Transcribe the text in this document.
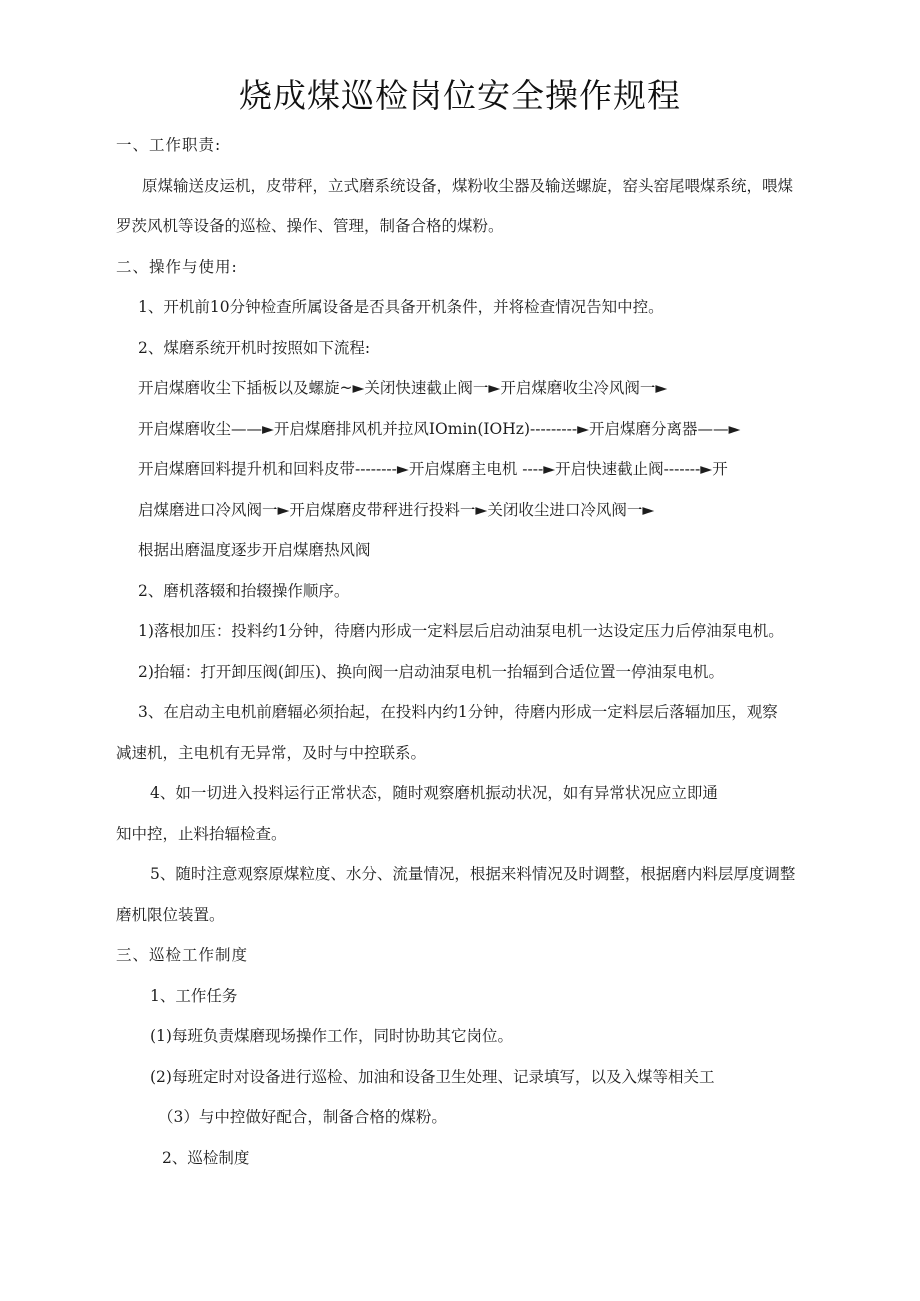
烧成煤巡检岗位安全操作规程
一、工作职责:
原煤输送皮运机，皮带秤，立式磨系统设备，煤粉收尘器及输送螺旋，窑头窑尾喂煤系统，喂煤
罗茨风机等设备的巡检、操作、管理，制备合格的煤粉。
二、操作与使用:
1、开机前10分钟检查所属设备是否具备开机条件，并将检查情况告知中控。
2、煤磨系统开机时按照如下流程:
开启煤磨收尘下插板以及螺旋~►关闭快速截止阀一►开启煤磨收尘冷风阀一►
开启煤磨收尘——►开启煤磨排风机并拉风IOmin(IOHz)---------►开启煤磨分离器——►
开启煤磨回料提升机和回料皮带--------►开启煤磨主电机 ----►开启快速截止阀-------►开
启煤磨进口冷风阀一►开启煤磨皮带秤进行投料一►关闭收尘进口冷风阀一►
根据出磨温度逐步开启煤磨热风阀
2、磨机落辍和抬辍操作顺序。
1)落根加压：投料约1分钟，待磨内形成一定料层后启动油泵电机一达设定压力后停油泵电机。
2)抬辐：打开卸压阀(卸压)、换向阀一启动油泵电机一抬辐到合适位置一停油泵电机。
3、在启动主电机前磨辐必须抬起，在投料内约1分钟，待磨内形成一定料层后落辐加压，观察
减速机，主电机有无异常，及时与中控联系。
4、如一切进入投料运行正常状态，随时观察磨机振动状况，如有异常状况应立即通
知中控，止料抬辐检查。
5、随时注意观察原煤粒度、水分、流量情况，根据来料情况及时调整，根据磨内料层厚度调整
磨机限位装置。
三、巡检工作制度
1、工作任务
(1)每班负责煤磨现场操作工作，同时协助其它岗位。
(2)每班定时对设备进行巡检、加油和设备卫生处理、记录填写，以及入煤等相关工
（3）与中控做好配合，制备合格的煤粉。
2、巡检制度
